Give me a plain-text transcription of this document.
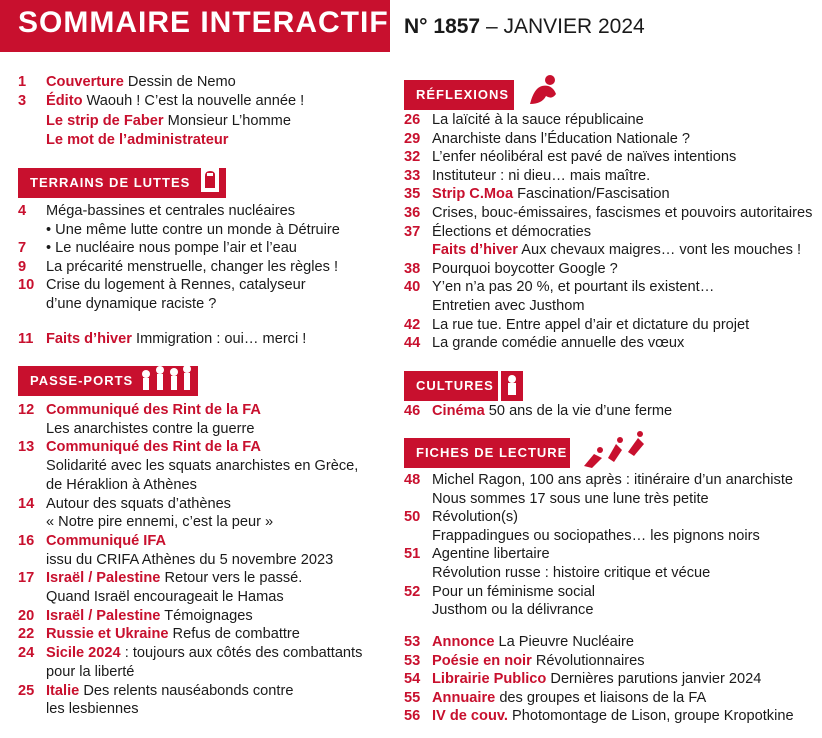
SOMMAIRE INTERACTIF N° 1857 – JANVIER 2024
1 Couverture Dessin de Nemo
3 Édito Waouh ! C’est la nouvelle année !
Le strip de Faber Monsieur L’homme
Le mot de l’administrateur
TERRAINS DE LUTTES
4 Méga-bassines et centrales nucléaires
• Une même lutte contre un monde à Détruire
7 • Le nucléaire nous pompe l’air et l’eau
9 La précarité menstruelle, changer les règles !
10 Crise du logement à Rennes, catalyseur
d’une dynamique raciste ?
11 Faits d’hiver Immigration : oui… merci !
PASSE-PORTS
12 Communiqué des Rint de la FA
Les anarchistes contre la guerre
13 Communiqué des Rint de la FA
Solidarité avec les squats anarchistes en Grèce,
de Héraklion à Athènes
14 Autour des squats d’athènes
« Notre pire ennemi, c’est la peur »
16 Communiqué IFA
issu du CRIFA Athènes du 5 novembre 2023
17 Israël / Palestine Retour vers le passé.
Quand Israël encourageait le Hamas
20 Israël / Palestine Témoignages
22 Russie et Ukraine Refus de combattre
24 Sicile 2024 : toujours aux côtés des combattants
pour la liberté
25 Italie Des relents nauséabonds contre
les lesbiennes
RÉFLEXIONS
26 La laïcité à la sauce républicaine
29 Anarchiste dans l’Éducation Nationale ?
32 L’enfer néolibéral est pavé de naïves intentions
33 Instituteur : ni dieu… mais maître.
35 Strip C.Moa Fascination/Fascisation
36 Crises, bouc-émissaires, fascismes et pouvoirs autoritaires
37 Élections et démocraties
Faits d’hiver Aux chevaux maigres… vont les mouches !
38 Pourquoi boycotter Google ?
40 Y’en n’a pas 20 %, et pourtant ils existent…
Entretien avec Justhom
42 La rue tue. Entre appel d’air et dictature du projet
44 La grande comédie annuelle des vœux
CULTURES
46 Cinéma 50 ans de la vie d’une ferme
FICHES DE LECTURE
48 Michel Ragon, 100 ans après : itinéraire d’un anarchiste
Nous sommes 17 sous une lune très petite
50 Révolution(s)
Frappadingues ou sociopathes… les pignons noirs
51 Agentine libertaire
Révolution russe : histoire critique et vécue
52 Pour un féminisme social
Justhom ou la délivrance
53 Annonce La Pieuvre Nucléaire
53 Poésie en noir Révolutionnaires
54 Librairie Publico Dernières parutions janvier 2024
55 Annuaire des groupes et liaisons de la FA
56 IV de couv. Photomontage de Lison, groupe Kropotkine
